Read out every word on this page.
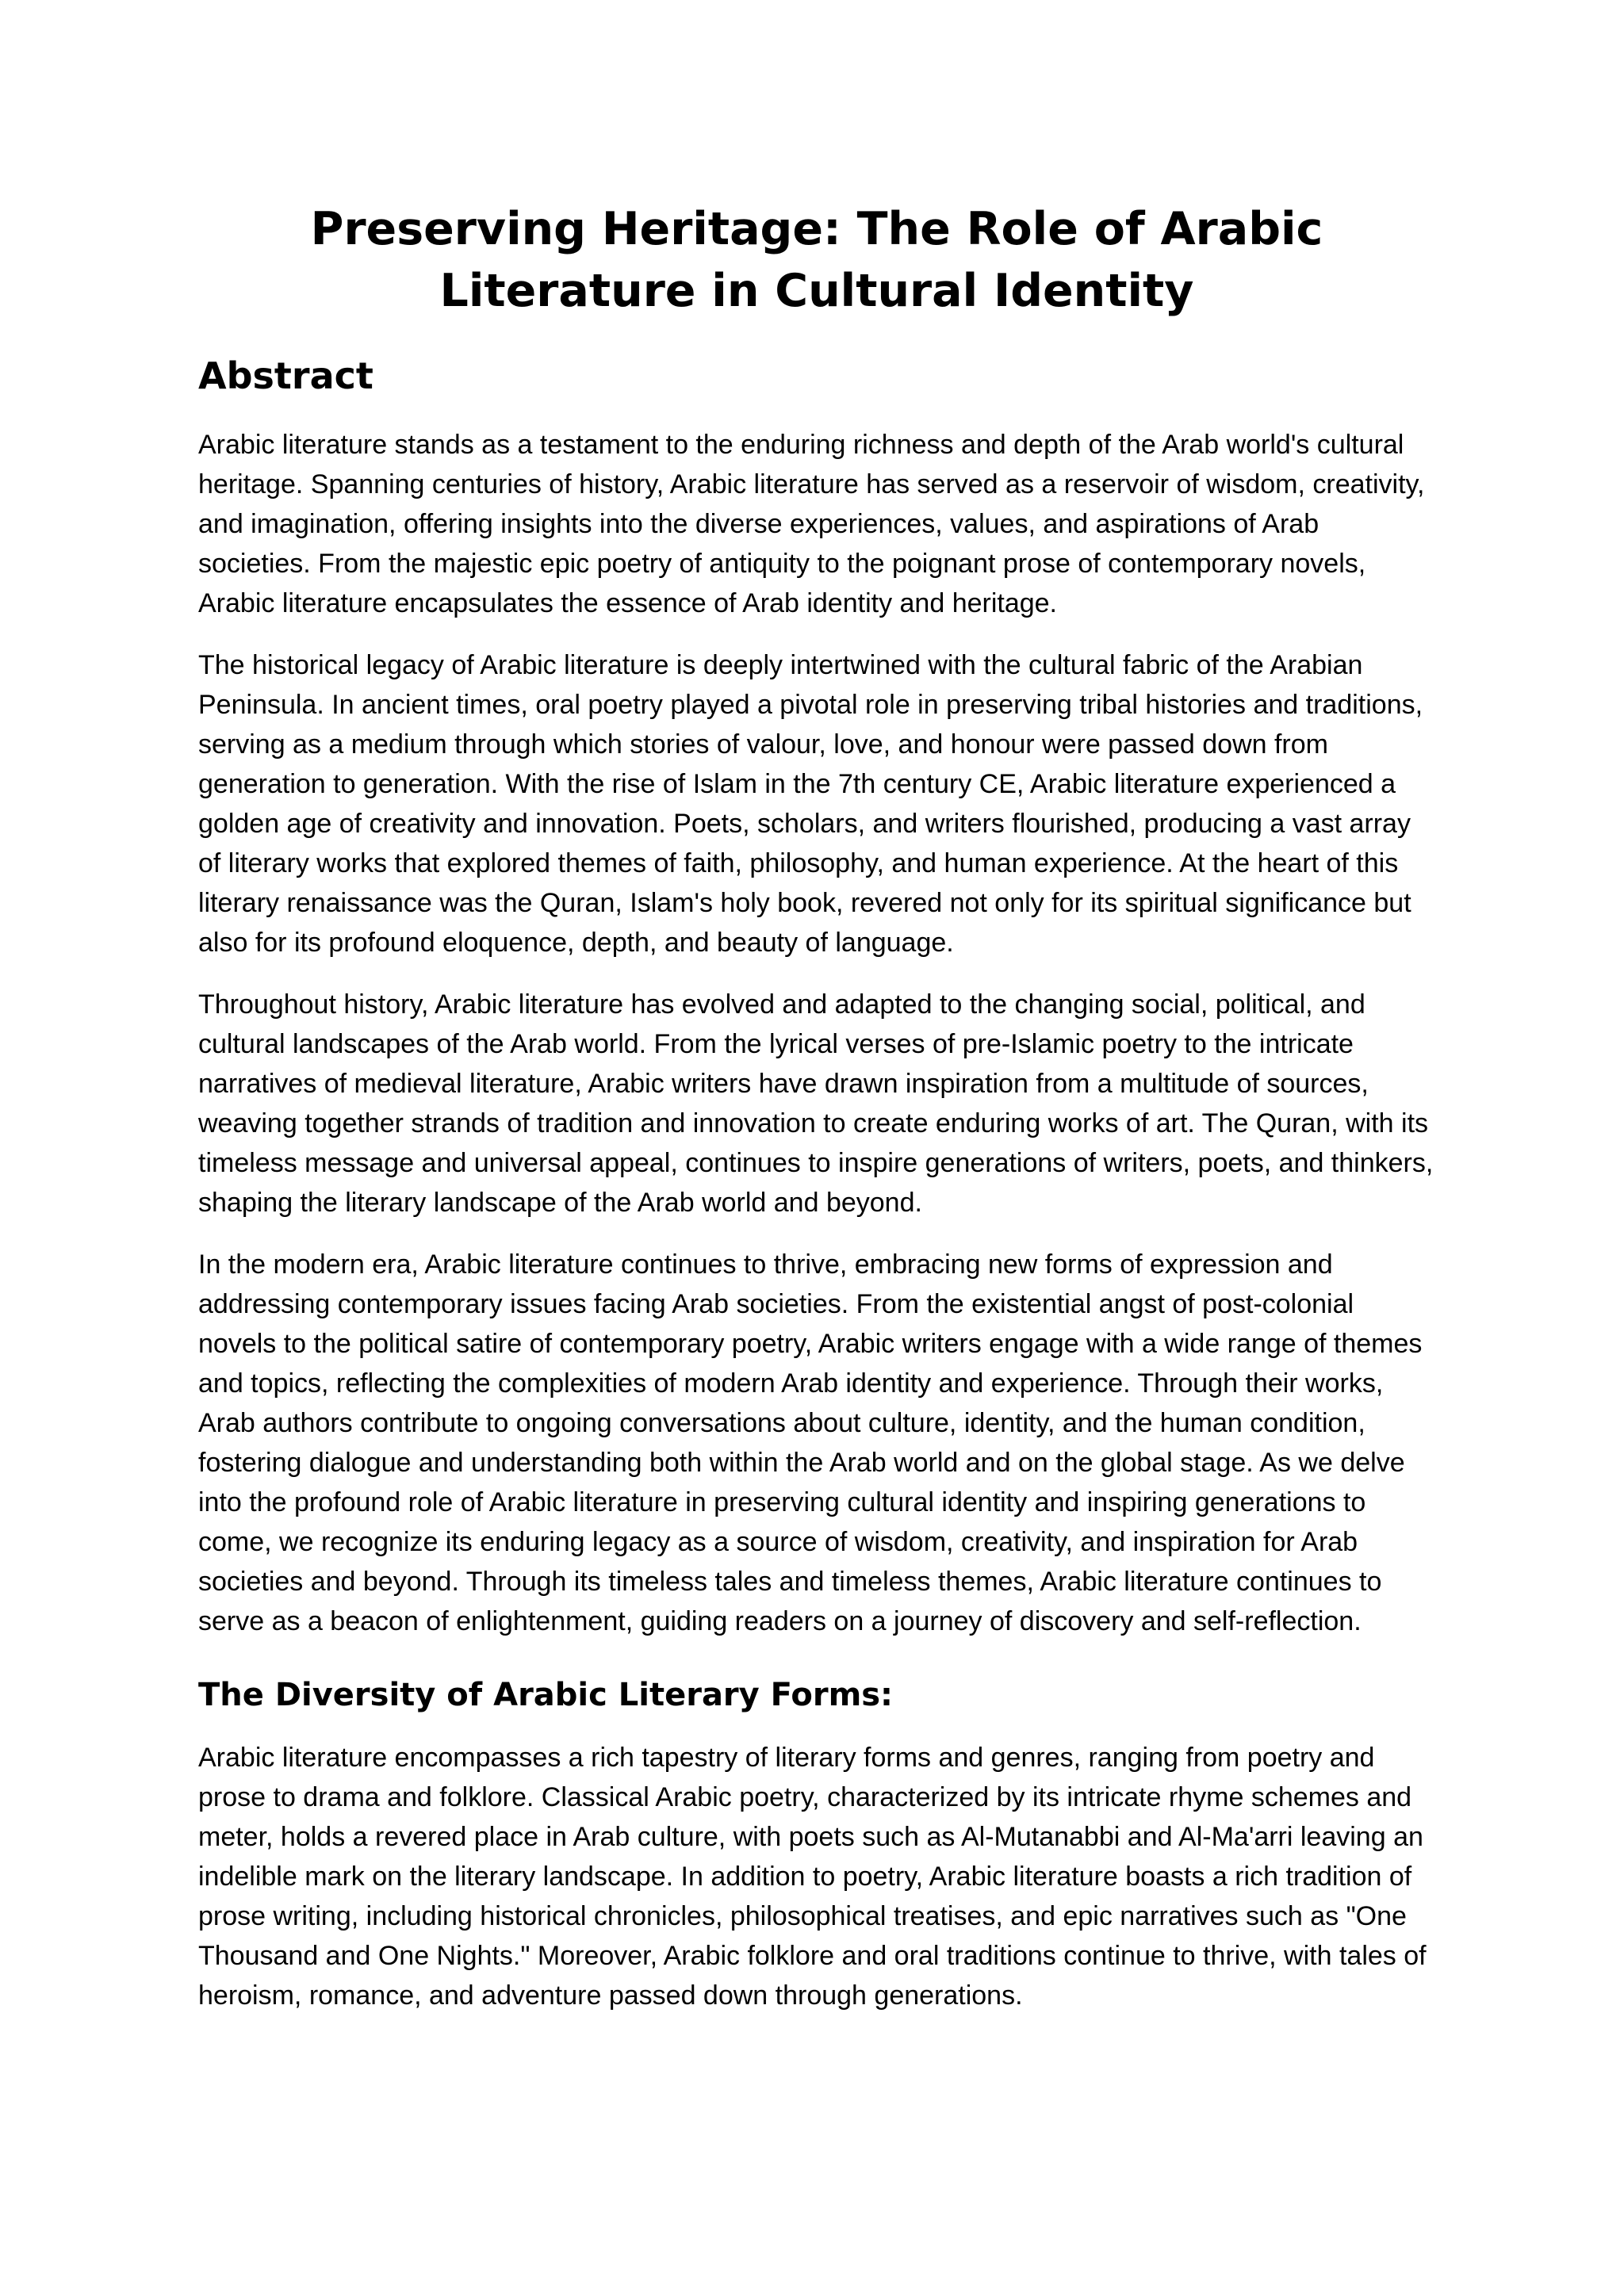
Preserving Heritage: The Role of Arabic Literature in Cultural Identity
Abstract

Arabic literature stands as a testament to the enduring richness and depth of the Arab world's cultural heritage. Spanning centuries of history, Arabic literature has served as a reservoir of wisdom, creativity, and imagination, offering insights into the diverse experiences, values, and aspirations of Arab societies. From the majestic epic poetry of antiquity to the poignant prose of contemporary novels, Arabic literature encapsulates the essence of Arab identity and heritage.

The historical legacy of Arabic literature is deeply intertwined with the cultural fabric of the Arabian Peninsula. In ancient times, oral poetry played a pivotal role in preserving tribal histories and traditions, serving as a medium through which stories of valour, love, and honour were passed down from generation to generation. With the rise of Islam in the 7th century CE, Arabic literature experienced a golden age of creativity and innovation. Poets, scholars, and writers flourished, producing a vast array of literary works that explored themes of faith, philosophy, and human experience. At the heart of this literary renaissance was the Quran, Islam's holy book, revered not only for its spiritual significance but also for its profound eloquence, depth, and beauty of language.

Throughout history, Arabic literature has evolved and adapted to the changing social, political, and cultural landscapes of the Arab world. From the lyrical verses of pre-Islamic poetry to the intricate narratives of medieval literature, Arabic writers have drawn inspiration from a multitude of sources, weaving together strands of tradition and innovation to create enduring works of art. The Quran, with its timeless message and universal appeal, continues to inspire generations of writers, poets, and thinkers, shaping the literary landscape of the Arab world and beyond.

In the modern era, Arabic literature continues to thrive, embracing new forms of expression and addressing contemporary issues facing Arab societies. From the existential angst of post-colonial novels to the political satire of contemporary poetry, Arabic writers engage with a wide range of themes and topics, reflecting the complexities of modern Arab identity and experience. Through their works, Arab authors contribute to ongoing conversations about culture, identity, and the human condition, fostering dialogue and understanding both within the Arab world and on the global stage. As we delve into the profound role of Arabic literature in preserving cultural identity and inspiring generations to come, we recognize its enduring legacy as a source of wisdom, creativity, and inspiration for Arab societies and beyond. Through its timeless tales and timeless themes, Arabic literature continues to serve as a beacon of enlightenment, guiding readers on a journey of discovery and self-reflection.

The Diversity of Arabic Literary Forms:

Arabic literature encompasses a rich tapestry of literary forms and genres, ranging from poetry and prose to drama and folklore. Classical Arabic poetry, characterized by its intricate rhyme schemes and meter, holds a revered place in Arab culture, with poets such as Al-Mutanabbi and Al-Ma'arri leaving an indelible mark on the literary landscape. In addition to poetry, Arabic literature boasts a rich tradition of prose writing, including historical chronicles, philosophical treatises, and epic narratives such as "One Thousand and One Nights." Moreover, Arabic folklore and oral traditions continue to thrive, with tales of heroism, romance, and adventure passed down through generations.
